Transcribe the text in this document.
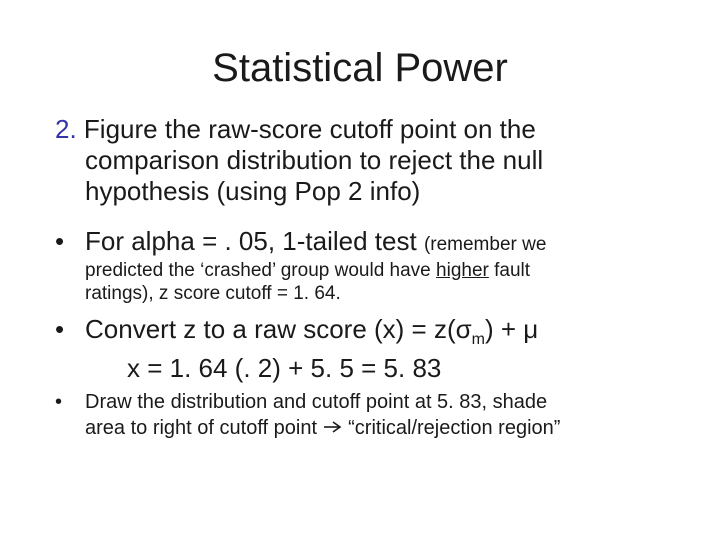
Statistical Power
2. Figure the raw-score cutoff point on the
comparison distribution to reject the null
hypothesis (using Pop 2 info)
• For alpha = . 05, 1-tailed test (remember we
predicted the ‘crashed’ group would have higher fault
ratings), z score cutoff = 1. 64.
• Convert z to a raw score $(x) = z(\sigma_m) + \mu$
x = 1. 64 (. 2) + 5. 5 = 5. 83
• Draw the distribution and cutoff point at 5. 83, shade
area to right of cutoff point  “critical/rejection region”
